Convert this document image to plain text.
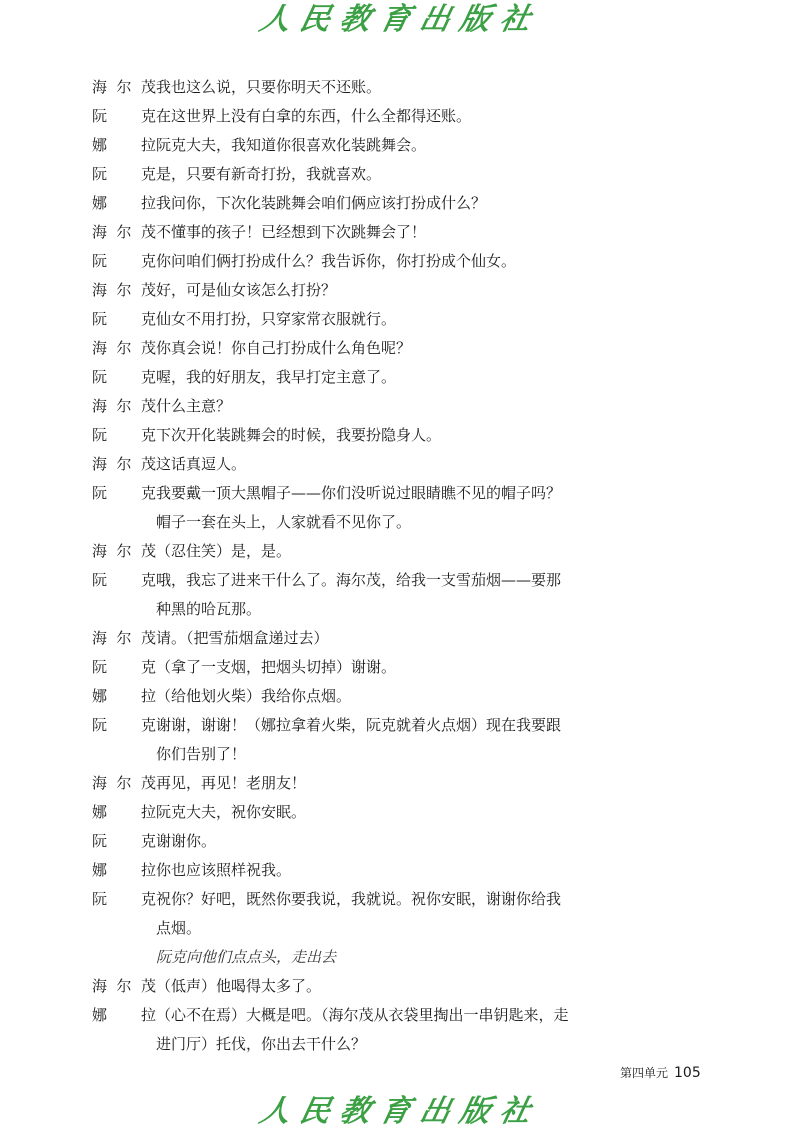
人民教育出版社
海尔茂 我也这么说，只要你明天不还账。

阮　克 在这世界上没有白拿的东西，什么全都得还账。

娜　拉 阮克大夫，我知道你很喜欢化装跳舞会。

阮　克 是，只要有新奇打扮，我就喜欢。

娜　拉 我问你，下次化装跳舞会咱们俩应该打扮成什么？

海尔茂 不懂事的孩子！已经想到下次跳舞会了！

阮　克 你问咱们俩打扮成什么？我告诉你，你打扮成个仙女。

海尔茂 好，可是仙女该怎么打扮？

阮　克 仙女不用打扮，只穿家常衣服就行。

海尔茂 你真会说！你自己打扮成什么角色呢？

阮　克 喔，我的好朋友，我早打定主意了。

海尔茂 什么主意？

阮　克 下次开化装跳舞会的时候，我要扮隐身人。

海尔茂 这话真逗人。

阮　克 我要戴一顶大黑帽子——你们没听说过眼睛瞧不见的帽子吗？

帽子一套在头上，人家就看不见你了。

海尔茂 （忍住笑）是，是。

阮　克 哦，我忘了进来干什么了。海尔茂，给我一支雪茄烟——要那

种黑的哈瓦那。

海尔茂 请。（把雪茄烟盒递过去）

阮　克 （拿了一支烟，把烟头切掉）谢谢。

娜　拉 （给他划火柴）我给你点烟。

阮　克 谢谢，谢谢！（娜拉拿着火柴，阮克就着火点烟）现在我要跟

你们告别了！

海尔茂 再见，再见！老朋友！

娜　拉 阮克大夫，祝你安眠。

阮　克 谢谢你。

娜　拉 你也应该照样祝我。

阮　克 祝你？好吧，既然你要我说，我就说。祝你安眠，谢谢你给我

点烟。

阮克向他们点点头，走出去
海尔茂 （低声）他喝得太多了。

娜　拉 （心不在焉）大概是吧。（海尔茂从衣袋里掏出一串钥匙来，走

进门厅）托伐，你出去干什么？

第四单元 105
人民教育出版社
